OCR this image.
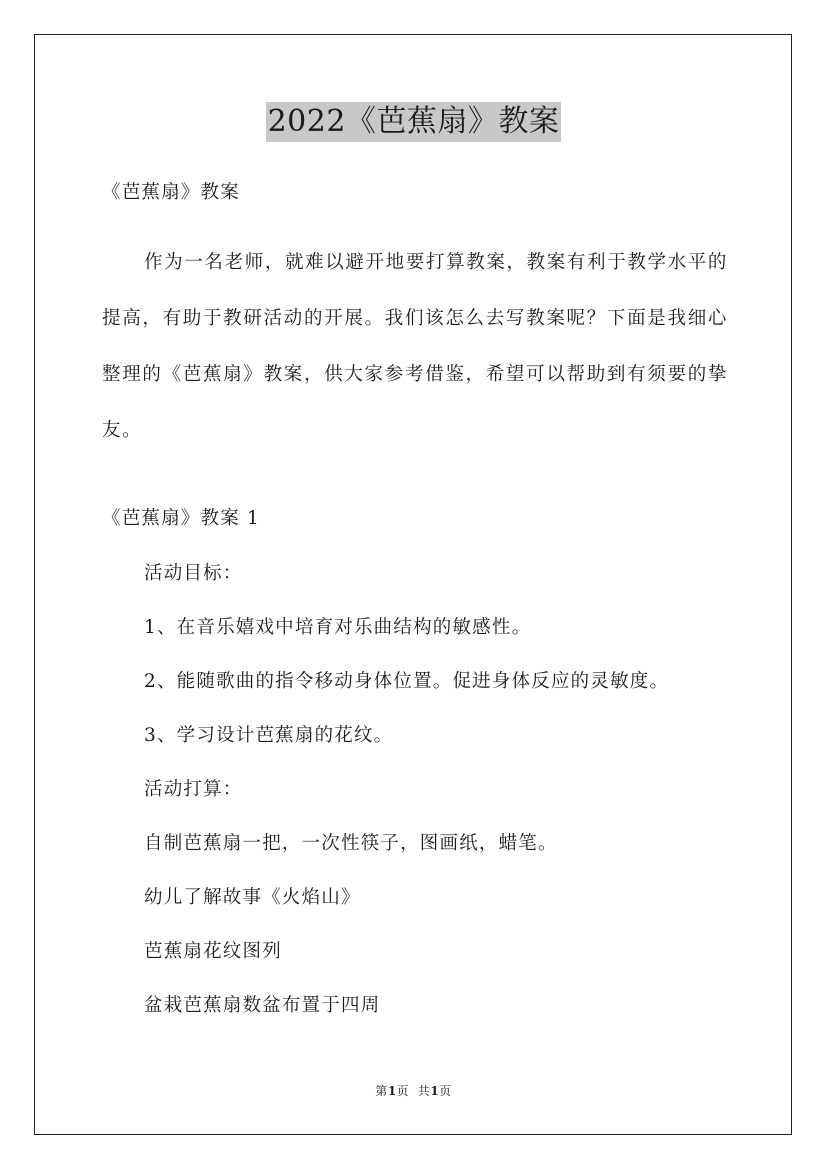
2022《芭蕉扇》教案
《芭蕉扇》教案
作为一名老师，就难以避开地要打算教案，教案有利于教学水平的提高，有助于教研活动的开展。我们该怎么去写教案呢？下面是我细心整理的《芭蕉扇》教案，供大家参考借鉴，希望可以帮助到有须要的挚友。
《芭蕉扇》教案 1
活动目标：
1、在音乐嬉戏中培育对乐曲结构的敏感性。
2、能随歌曲的指令移动身体位置。促进身体反应的灵敏度。
3、学习设计芭蕉扇的花纹。
活动打算：
自制芭蕉扇一把，一次性筷子，图画纸，蜡笔。
幼儿了解故事《火焰山》
芭蕉扇花纹图列
盆栽芭蕉扇数盆布置于四周
第1页  共1页
